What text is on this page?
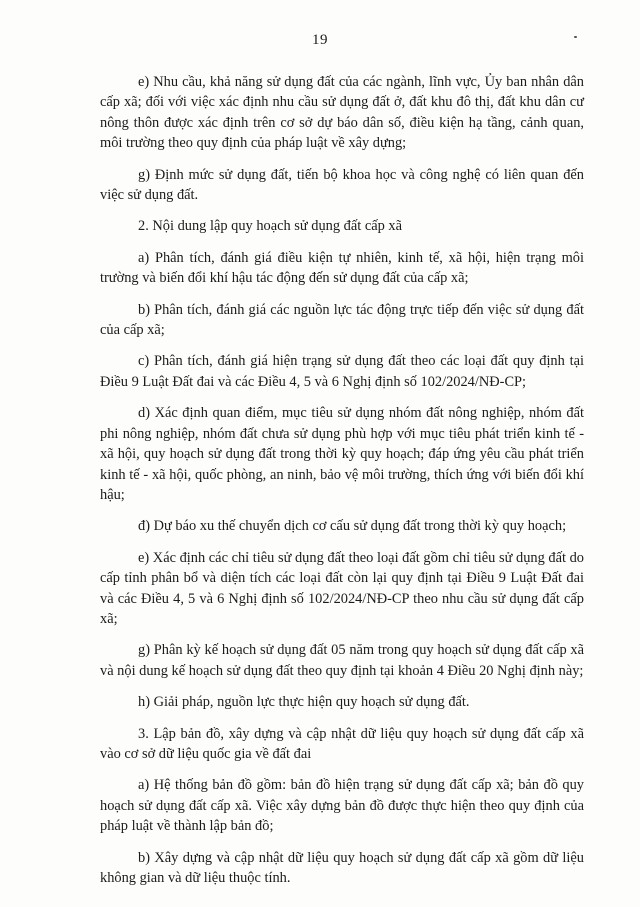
19

e) Nhu cầu, khả năng sử dụng đất của các ngành, lĩnh vực, Ủy ban nhân dân cấp xã; đối với việc xác định nhu cầu sử dụng đất ở, đất khu đô thị, đất khu dân cư nông thôn được xác định trên cơ sở dự báo dân số, điều kiện hạ tầng, cảnh quan, môi trường theo quy định của pháp luật về xây dựng;

g) Định mức sử dụng đất, tiến bộ khoa học và công nghệ có liên quan đến việc sử dụng đất.

2. Nội dung lập quy hoạch sử dụng đất cấp xã

a) Phân tích, đánh giá điều kiện tự nhiên, kinh tế, xã hội, hiện trạng môi trường và biến đổi khí hậu tác động đến sử dụng đất của cấp xã;

b) Phân tích, đánh giá các nguồn lực tác động trực tiếp đến việc sử dụng đất của cấp xã;

c) Phân tích, đánh giá hiện trạng sử dụng đất theo các loại đất quy định tại Điều 9 Luật Đất đai và các Điều 4, 5 và 6 Nghị định số 102/2024/NĐ-CP;

d) Xác định quan điểm, mục tiêu sử dụng nhóm đất nông nghiệp, nhóm đất phi nông nghiệp, nhóm đất chưa sử dụng phù hợp với mục tiêu phát triển kinh tế - xã hội, quy hoạch sử dụng đất trong thời kỳ quy hoạch; đáp ứng yêu cầu phát triển kinh tế - xã hội, quốc phòng, an ninh, bảo vệ môi trường, thích ứng với biến đổi khí hậu;

đ) Dự báo xu thế chuyển dịch cơ cấu sử dụng đất trong thời kỳ quy hoạch;

e) Xác định các chỉ tiêu sử dụng đất theo loại đất gồm chỉ tiêu sử dụng đất do cấp tỉnh phân bổ và diện tích các loại đất còn lại quy định tại Điều 9 Luật Đất đai và các Điều 4, 5 và 6 Nghị định số 102/2024/NĐ-CP theo nhu cầu sử dụng đất cấp xã;

g) Phân kỳ kế hoạch sử dụng đất 05 năm trong quy hoạch sử dụng đất cấp xã và nội dung kế hoạch sử dụng đất theo quy định tại khoản 4 Điều 20 Nghị định này;

h) Giải pháp, nguồn lực thực hiện quy hoạch sử dụng đất.

3. Lập bản đồ, xây dựng và cập nhật dữ liệu quy hoạch sử dụng đất cấp xã vào cơ sở dữ liệu quốc gia về đất đai

a) Hệ thống bản đồ gồm: bản đồ hiện trạng sử dụng đất cấp xã; bản đồ quy hoạch sử dụng đất cấp xã. Việc xây dựng bản đồ được thực hiện theo quy định của pháp luật về thành lập bản đồ;

b) Xây dựng và cập nhật dữ liệu quy hoạch sử dụng đất cấp xã gồm dữ liệu không gian và dữ liệu thuộc tính.
